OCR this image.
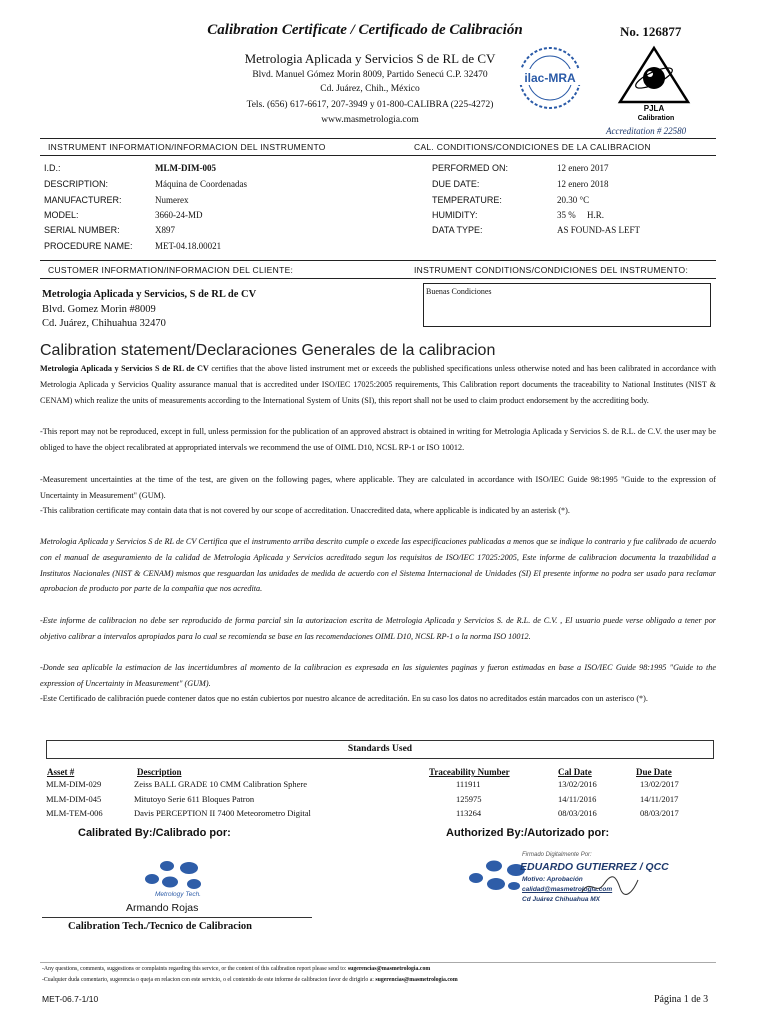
Calibration Certificate / Certificado de Calibración	No. 126877
Metrologia Aplicada y Servicios S de RL de CV
Blvd. Manuel Gómez Morin 8009, Partido Senecú C.P. 32470
Cd. Juárez, Chih., México
Tels. (656) 617-6617, 207-3949 y 01-800-CALIBRA (225-4272)
www.masmetrologia.com
ilac-MRA
PJLA
Calibration
Accreditation # 22580
INSTRUMENT INFORMATION/INFORMACION DEL INSTRUMENTO	CAL. CONDITIONS/CONDICIONES DE LA CALIBRACION
I.D.:	MLM-DIM-005
DESCRIPTION:	Máquina de Coordenadas
MANUFACTURER:	Numerex
MODEL:	3660-24-MD
SERIAL NUMBER:	X897
PROCEDURE NAME: MET-04.18.00021
PERFORMED ON:	12 enero 2017
DUE DATE:	12 enero 2018
TEMPERATURE:	20.30 °C
HUMIDITY:	35 %     H.R.
DATA TYPE:	AS FOUND-AS LEFT
CUSTOMER INFORMATION/INFORMACION DEL CLIENTE:	INSTRUMENT CONDITIONS/CONDICIONES DEL INSTRUMENTO:
Metrologia Aplicada y Servicios, S de RL de CV
Blvd. Gomez Morin #8009
Cd. Juárez, Chihuahua 32470
Buenas Condiciones
Calibration statement/Declaraciones Generales de la calibracion
Metrologia Aplicada y Servicios S de RL de CV certifies that the above listed instrument met or exceeds the published specifications unless otherwise noted and has been calibrated in accordance with Metrologia Aplicada y Servicios Quality assurance manual that is accredited under ISO/IEC 17025:2005 requirements, This Calibration report documents the traceability to National Institutes (NIST & CENAM) which realize the units of measurements according to the International System of Units (SI), this report shall not be used to claim product endorsement by the accrediting body.
-This report may not be reproduced, except in full, unless permission for the publication of an approved abstract is obtained in writing for Metrologia Aplicada y Servicios S. de R.L. de C.V. the user may be obliged to have the object recalibrated at appropriated intervals we recommend the use of OIML D10, NCSL RP-1 or ISO 10012.
-Measurement uncertainties at the time of the test, are given on the following pages, where applicable. They are calculated in accordance with ISO/IEC Guide 98:1995 "Guide to the expression of Uncertainty in Measurement" (GUM).
-This calibration certificate may contain data that is not covered by our scope of accreditation. Unaccredited data, where applicable is indicated by an asterisk (*).
Metrologia Aplicada y Servicios S de RL de CV Certifica que el instrumento arriba descrito cumple o excede las especificaciones publicadas a menos que se indique lo contrario y fue calibrado de acuerdo con el manual de aseguramiento de la calidad de Metrologia Aplicada y Servicios acreditado segun los requisitos de ISO/IEC 17025:2005, Este informe de calibracion documenta la trazabilidad a Institutos Nacionales (NIST & CENAM) mismos que resguardan las unidades de medida de acuerdo con el Sistema Internacional de Unidades (SI) El presente informe no podra ser usado para reclamar aprobacion de producto por parte de la compañia que nos acredita.
-Este informe de calibracion no debe ser reproducido de forma parcial sin la autorizacion escrita de Metrologia Aplicada y Servicios S. de R.L. de C.V. , El usuario puede verse obligado a tener por objetivo calibrar a intervalos apropiados para lo cual se recomienda se base en las recomendaciones OIML D10, NCSL RP-1 o la norma ISO 10012.
-Donde sea aplicable la estimacion de las incertidumbres al momento de la calibracion es expresada en las siguientes paginas y fueron estimadas en base a ISO/IEC Guide 98:1995 "Guide to the expression of Uncertainty in Measurement" (GUM).
-Este Certificado de calibración puede contener datos que no están cubiertos por nuestro alcance de acreditación. En su caso los datos no acreditados están marcados con un asterisco (*).
Standards Used
Asset #	Description	Traceability Number	Cal Date	Due Date
MLM-DIM-029	Zeiss BALL GRADE 10 CMM Calibration Sphere	111911	13/02/2016	13/02/2017
MLM-DIM-045	Mitutoyo Serie 611 Bloques Patron	125975	14/11/2016	14/11/2017
MLM-TEM-006	Davis PERCEPTION II 7400 Meteorometro Digital	113264	08/03/2016	08/03/2017
Calibrated By:/Calibrado por:	Authorized By:/Autorizado por:
Metrology Tech.
Armando Rojas
Calibration Tech./Tecnico de Calibracion
Firmado Digitalmente Por:
EDUARDO GUTIERREZ / QCC
Motivo: Aprobación
calidad@masmetrologia.com
Cd Juárez Chihuahua MX
-Any questions, comments, suggestions or complaints regarding this service, or the content of this calibration report please send to: sugerencias@masmetrologia.com
-Cualquier duda comentario, sugerencia o queja en relacion con este servicio, o el contenido de este informe de calibracion favor de dirigirlo a: sugerencias@masmetrologia.com
MET-06.7-1/10	Página 1 de 3
